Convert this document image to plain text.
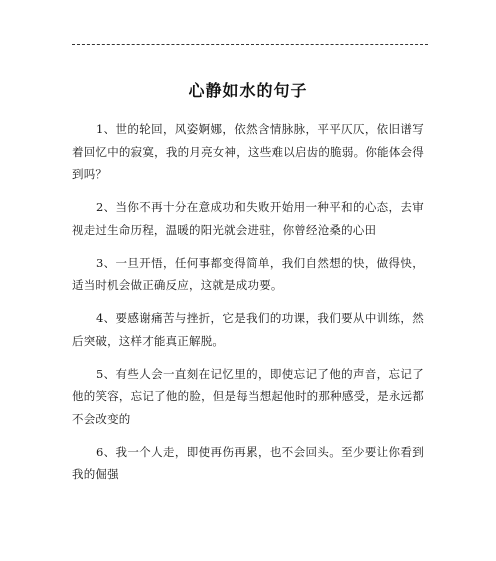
心静如水的句子

1、世的轮回，风姿婀娜，依然含情脉脉，平平仄仄，依旧谱写着回忆中的寂寞，我的月亮女神，这些难以启齿的脆弱。你能体会得到吗？

2、当你不再十分在意成功和失败开始用一种平和的心态，去审视走过生命历程，温暖的阳光就会进驻，你曾经沧桑的心田

3、一旦开悟，任何事都变得简单，我们自然想的快，做得快，适当时机会做正确反应，这就是成功要。

4、要感谢痛苦与挫折，它是我们的功课，我们要从中训练，然后突破，这样才能真正解脱。

5、有些人会一直刻在记忆里的，即使忘记了他的声音，忘记了他的笑容，忘记了他的脸，但是每当想起他时的那种感受，是永远都不会改变的

6、我一个人走，即使再伤再累，也不会回头。至少要让你看到我的倔强
